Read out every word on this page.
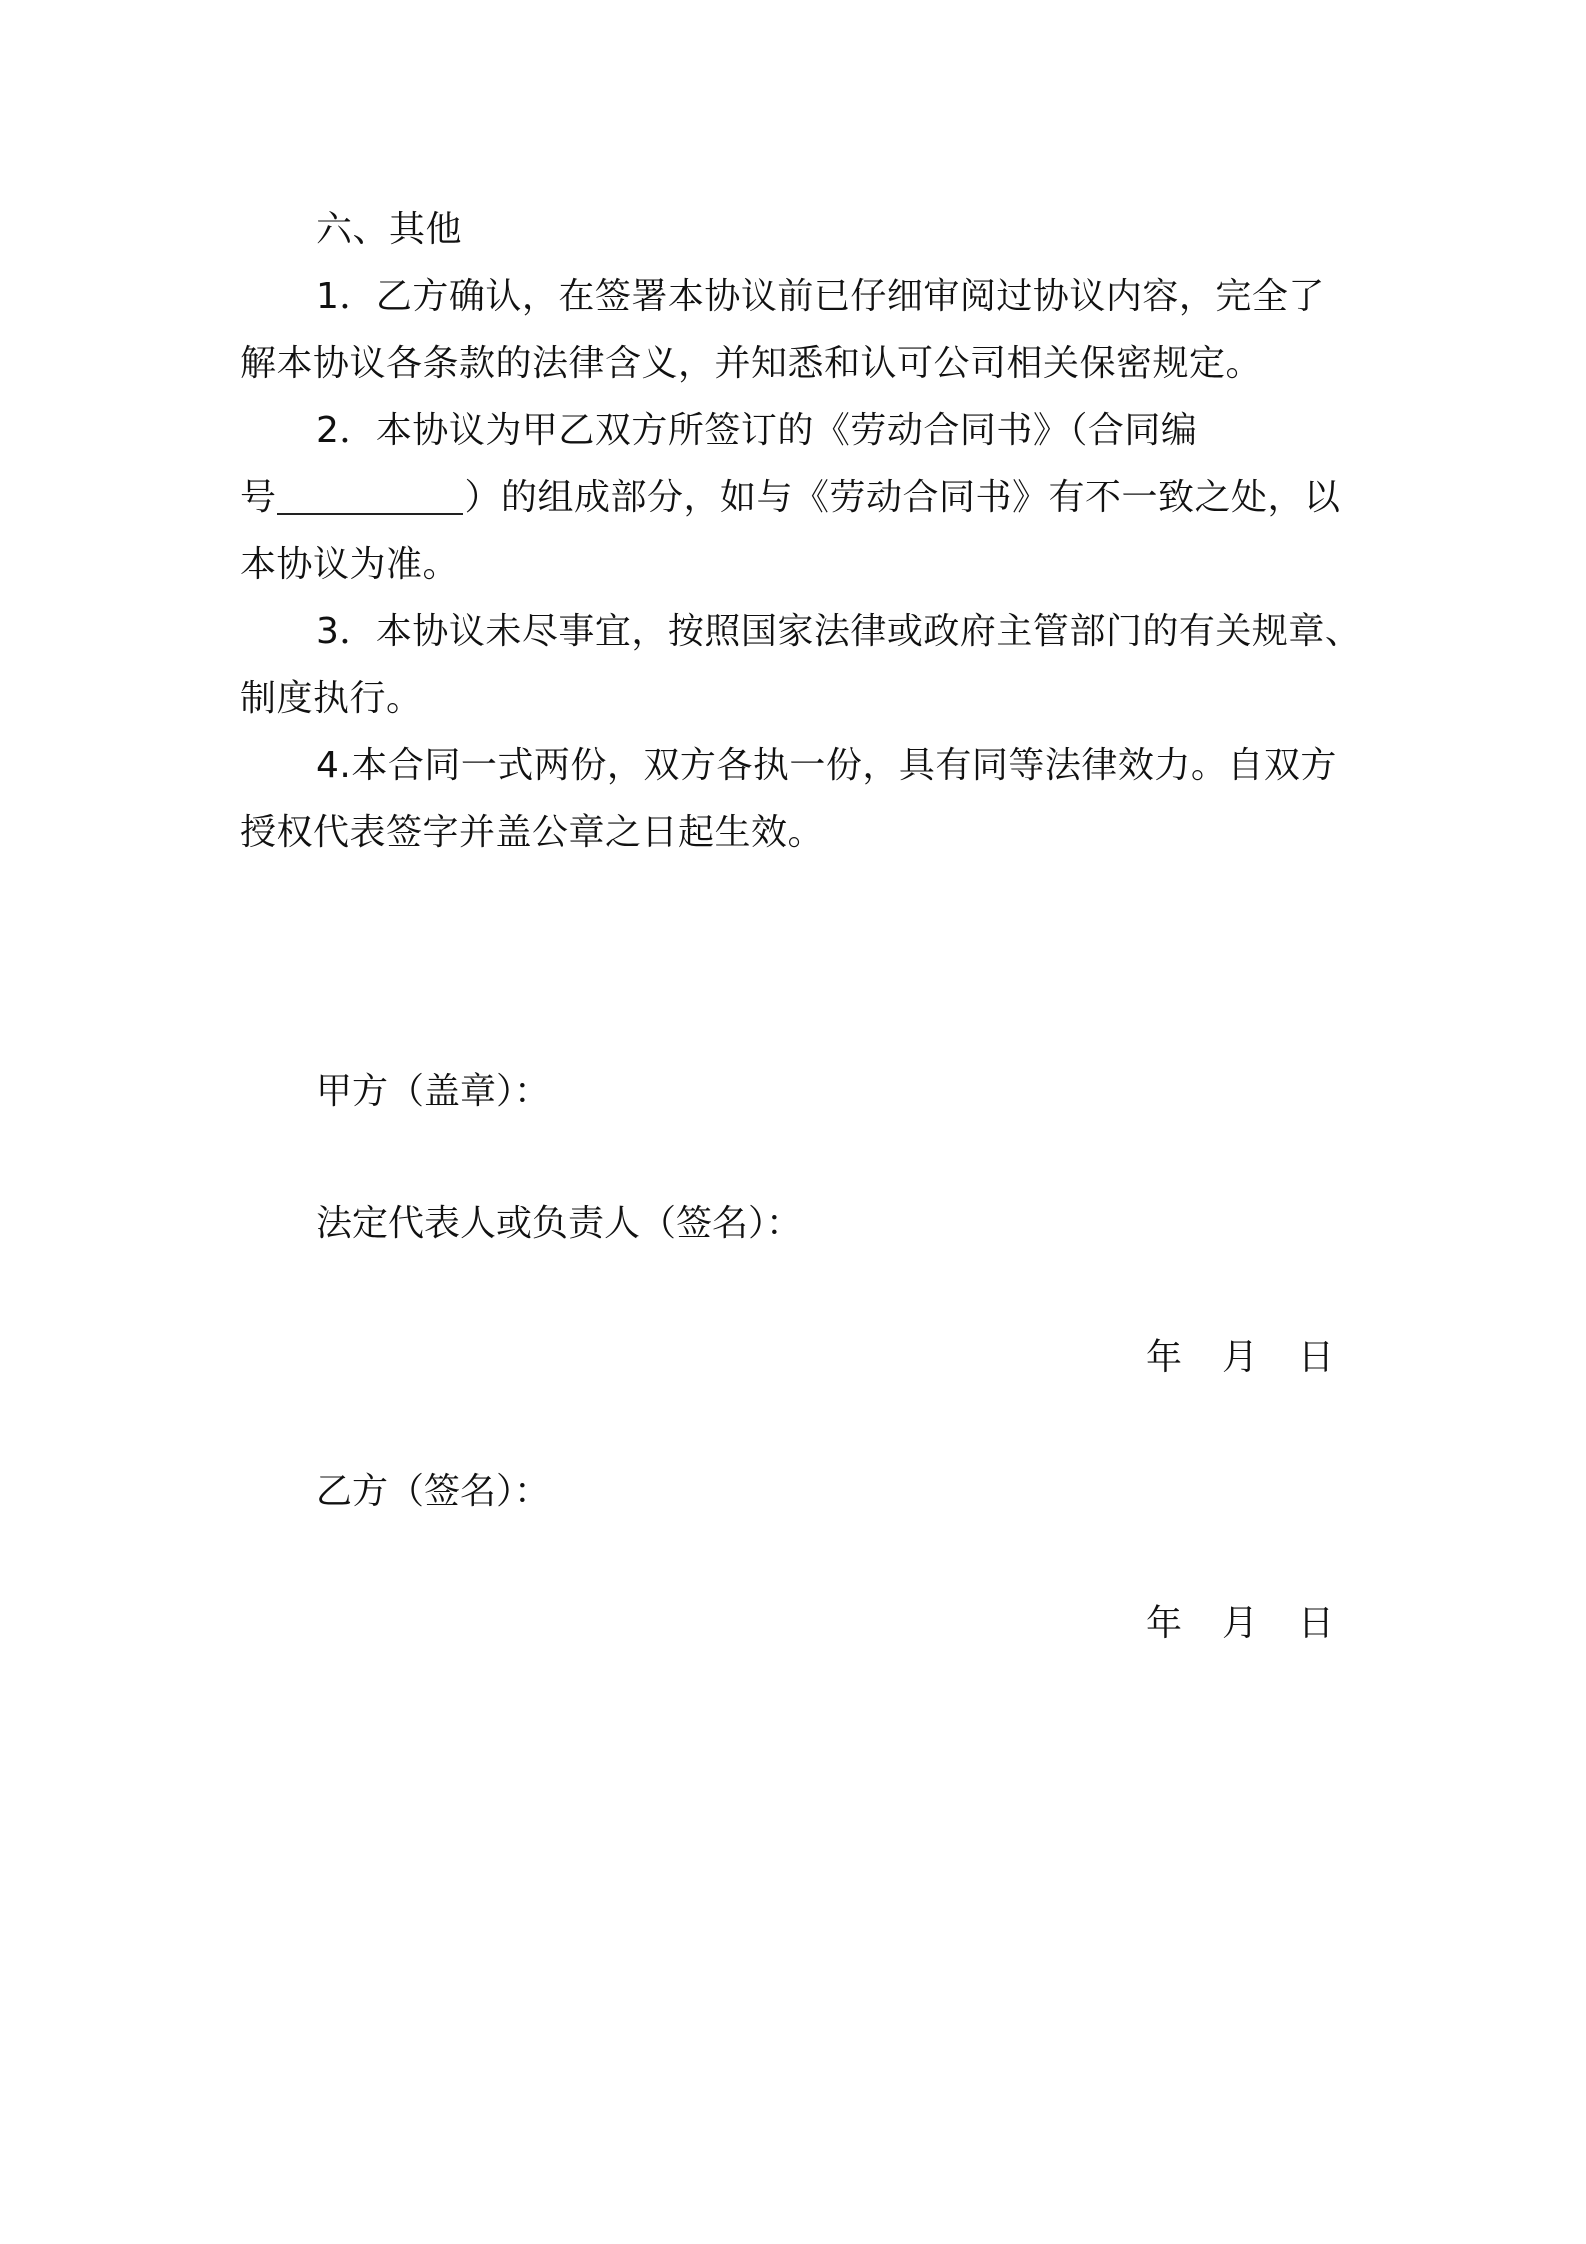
六、其他
1．乙方确认，在签署本协议前已仔细审阅过协议内容，完全了
解本协议各条款的法律含义，并知悉和认可公司相关保密规定。
2．本协议为甲乙双方所签订的《劳动合同书》（合同编
号	）的组成部分，如与《劳动合同书》有不一致之处，以
本协议为准。
3．本协议未尽事宜，按照国家法律或政府主管部门的有关规章、
制度执行。
4.本合同一式两份，双方各执一份，具有同等法律效力。自双方
授权代表签字并盖公章之日起生效。
甲方（盖章）：
法定代表人或负责人（签名）：
年 月 日
乙方（签名）：
年 月 日
